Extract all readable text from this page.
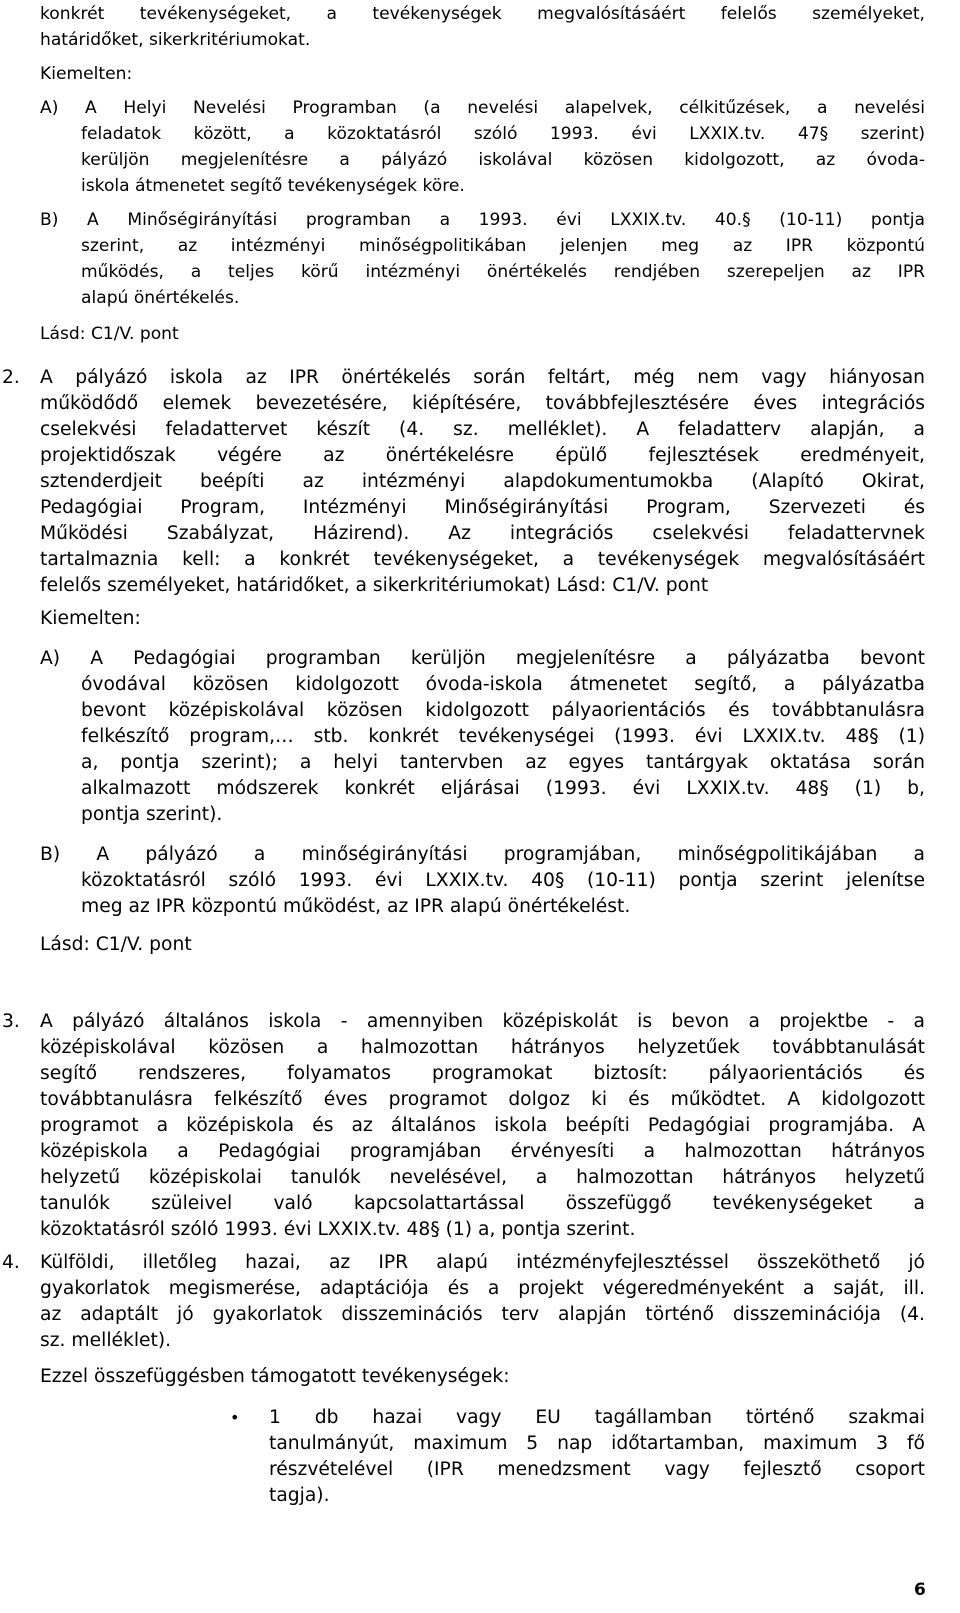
konkrét tevékenységeket, a tevékenységek megvalósításáért felelős személyeket,

határidőket, sikerkritériumokat.

Kiemelten:

A) A Helyi Nevelési Programban (a nevelési alapelvek, célkitűzések, a nevelési

feladatok között, a közoktatásról szóló 1993. évi LXXIX.tv. 47§ szerint)

kerüljön megjelenítésre a pályázó iskolával közösen kidolgozott, az óvoda-

iskola átmenetet segítő tevékenységek köre.

B) A Minőségirányítási programban a 1993. évi LXXIX.tv. 40.§ (10-11) pontja

szerint, az intézményi minőségpolitikában jelenjen meg az IPR központú

működés, a teljes körű intézményi önértékelés rendjében szerepeljen az IPR

alapú önértékelés.

Lásd: C1/V. pont

2. A pályázó iskola az IPR önértékelés során feltárt, még nem vagy hiányosan

működődő elemek bevezetésére, kiépítésére, továbbfejlesztésére éves integrációs

cselekvési feladattervet készít (4. sz. melléklet). A feladatterv alapján, a

projektidőszak végére az önértékelésre épülő fejlesztések eredményeit,

sztenderdjeit beépíti az intézményi alapdokumentumokba (Alapító Okirat,

Pedagógiai Program, Intézményi Minőségirányítási Program, Szervezeti és

Működési Szabályzat, Házirend). Az integrációs cselekvési feladattervnek

tartalmaznia kell: a konkrét tevékenységeket, a tevékenységek megvalósításáért

felelős személyeket, határidőket, a sikerkritériumokat) Lásd: C1/V. pont

Kiemelten:

A) A Pedagógiai programban kerüljön megjelenítésre a pályázatba bevont

óvodával közösen kidolgozott óvoda-iskola átmenetet segítő, a pályázatba

bevont középiskolával közösen kidolgozott pályaorientációs és továbbtanulásra

felkészítő program,… stb. konkrét tevékenységei (1993. évi LXXIX.tv. 48§ (1)

a, pontja szerint); a helyi tantervben az egyes tantárgyak oktatása során

alkalmazott módszerek konkrét eljárásai (1993. évi LXXIX.tv. 48§ (1) b,

pontja szerint).

B) A pályázó a minőségirányítási programjában, minőségpolitikájában a

közoktatásról szóló 1993. évi LXXIX.tv. 40§ (10-11) pontja szerint jelenítse

meg az IPR központú működést, az IPR alapú önértékelést.

Lásd: C1/V. pont

3. A pályázó általános iskola - amennyiben középiskolát is bevon a projektbe - a

középiskolával közösen a halmozottan hátrányos helyzetűek továbbtanulását

segítő rendszeres, folyamatos programokat biztosít: pályaorientációs és

továbbtanulásra felkészítő éves programot dolgoz ki és működtet. A kidolgozott

programot a középiskola és az általános iskola beépíti Pedagógiai programjába. A

középiskola a Pedagógiai programjában érvényesíti a halmozottan hátrányos

helyzetű középiskolai tanulók nevelésével, a halmozottan hátrányos helyzetű

tanulók szüleivel való kapcsolattartással összefüggő tevékenységeket a

közoktatásról szóló 1993. évi LXXIX.tv. 48§ (1) a, pontja szerint.

4. Külföldi, illetőleg hazai, az IPR alapú intézményfejlesztéssel összeköthető jó

gyakorlatok megismerése, adaptációja és a projekt végeredményeként a saját, ill.

az adaptált jó gyakorlatok disszeminációs terv alapján történő disszeminációja (4.

sz. melléklet).

Ezzel összefüggésben támogatott tevékenységek:

• 1 db hazai vagy EU tagállamban történő szakmai

tanulmányút, maximum 5 nap időtartamban, maximum 3 fő

részvételével (IPR menedzsment vagy fejlesztő csoport

tagja).

6
